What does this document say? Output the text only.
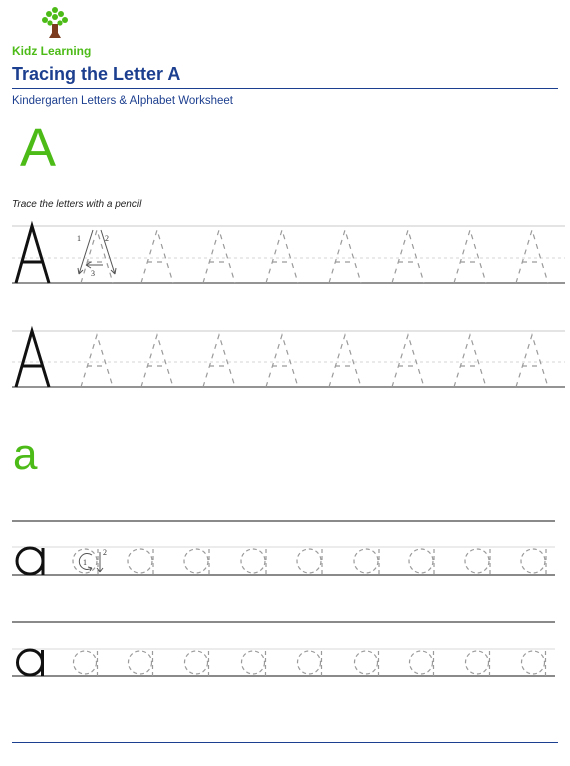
Kidz Learning
Tracing the Letter A
Kindergarten Letters & Alphabet Worksheet
A
Trace the letters with a pencil
a
1	2
3
1
2
